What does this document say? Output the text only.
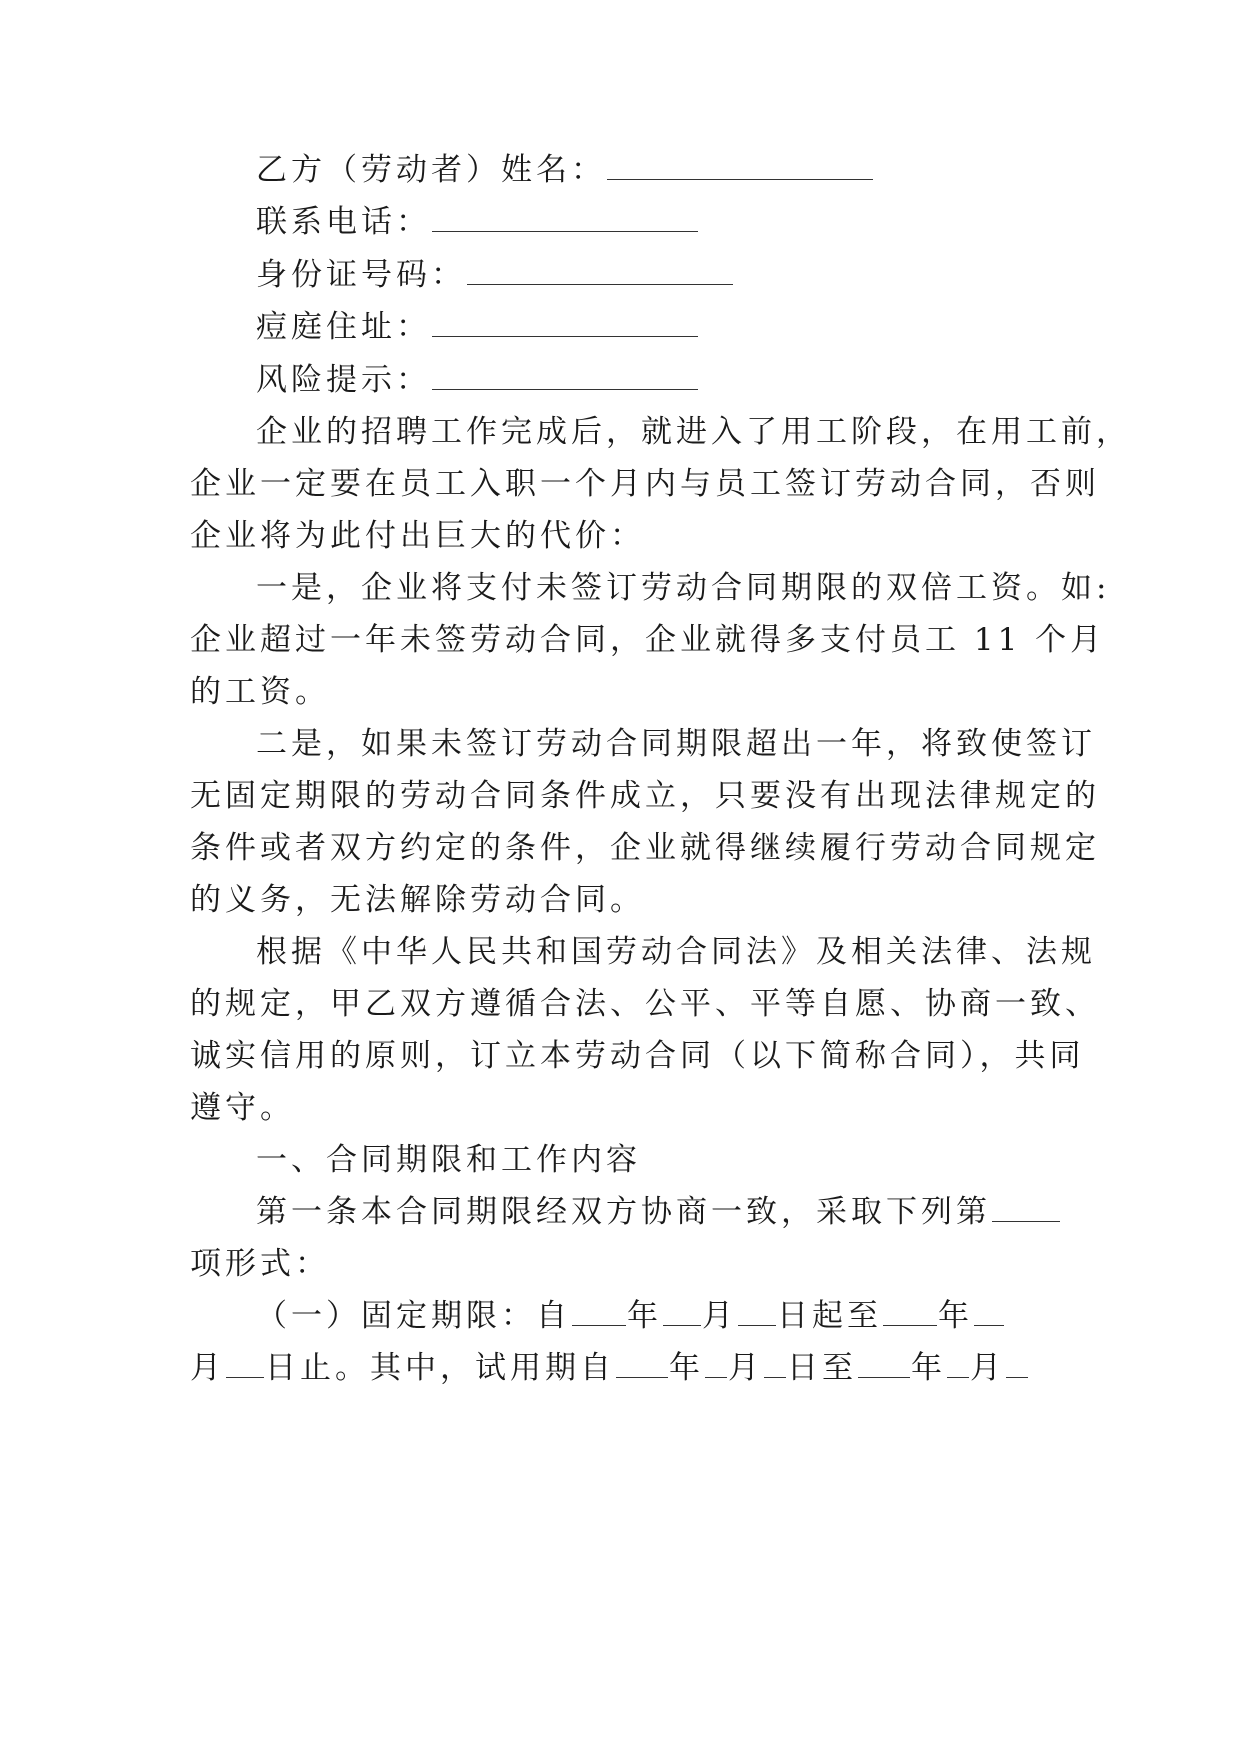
乙方（劳动者）姓名：
联系电话：
身份证号码：
痘庭住址：
风险提示：
企业的招聘工作完成后，就进入了用工阶段，在用工前，
企业一定要在员工入职一个月内与员工签订劳动合同，否则
企业将为此付出巨大的代价：
一是，企业将支付未签订劳动合同期限的双倍工资。如:
企业超过一年未签劳动合同，企业就得多支付员工 11 个月
的工资。
二是，如果未签订劳动合同期限超出一年，将致使签订
无固定期限的劳动合同条件成立，只要没有出现法律规定的
条件或者双方约定的条件，企业就得继续履行劳动合同规定
的义务，无法解除劳动合同。
根据《中华人民共和国劳动合同法》及相关法律、法规
的规定，甲乙双方遵循合法、公平、平等自愿、协商一致、
诚实信用的原则，订立本劳动合同（以下简称合同），共同
遵守。
一、合同期限和工作内容
第一条本合同期限经双方协商一致，采取下列第
项形式：
（一）固定期限：自 年 月 日起至 年
月 日止。其中，试用期自 年 月 日至 年 月
